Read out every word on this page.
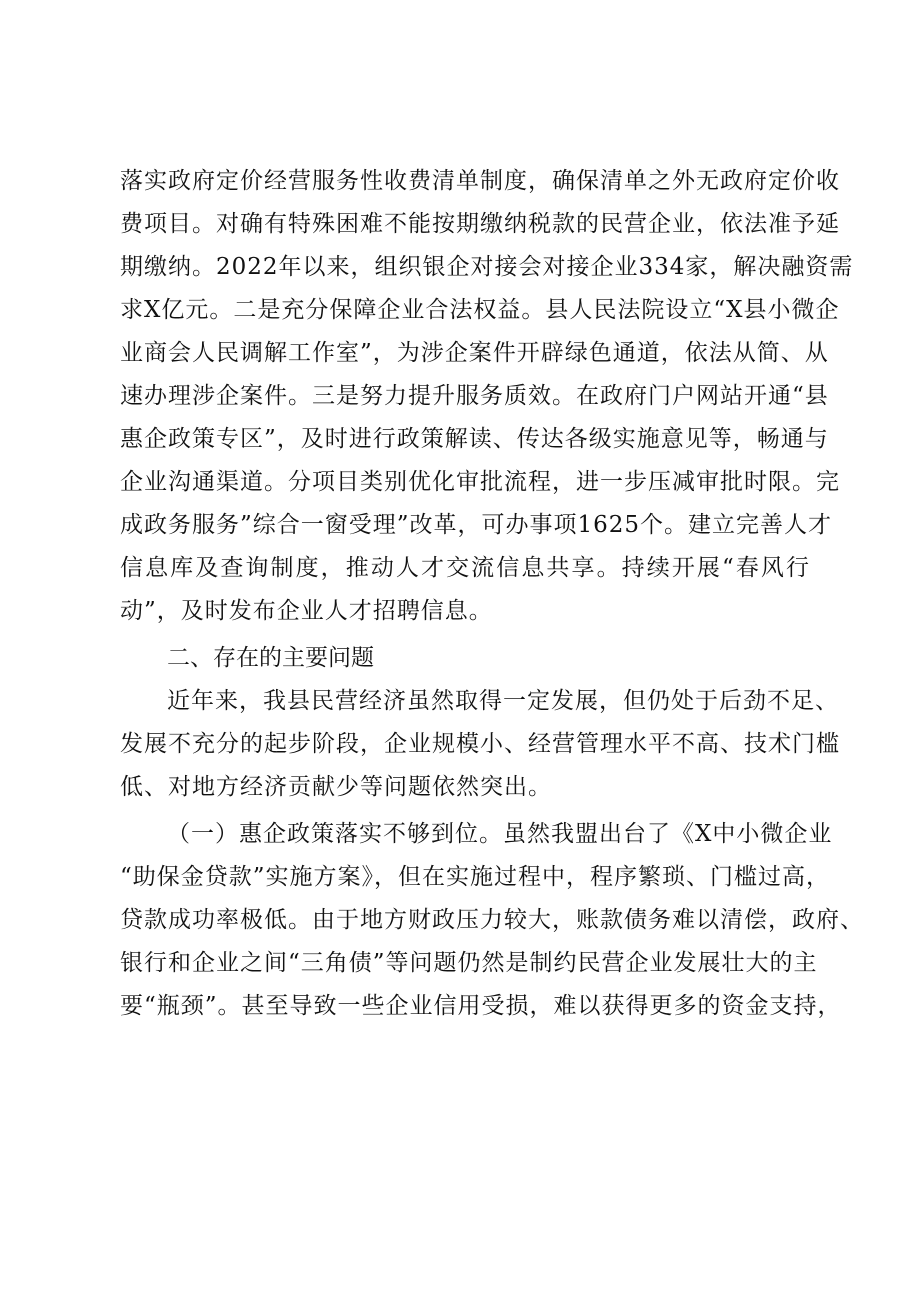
落实政府定价经营服务性收费清单制度，确保清单之外无政府定价收
费项目。对确有特殊困难不能按期缴纳税款的民营企业，依法准予延
期缴纳。2022年以来，组织银企对接会对接企业334家，解决融资需
求X亿元。二是充分保障企业合法权益。县人民法院设立“X县小微企
业商会人民调解工作室”，为涉企案件开辟绿色通道，依法从简、从
速办理涉企案件。三是努力提升服务质效。在政府门户网站开通“县
惠企政策专区”，及时进行政策解读、传达各级实施意见等，畅通与
企业沟通渠道。分项目类别优化审批流程，进一步压减审批时限。完
成政务服务”综合一窗受理”改革，可办事项1625个。建立完善人才
信息库及查询制度，推动人才交流信息共享。持续开展“春风行
动”，及时发布企业人才招聘信息。
二、存在的主要问题
近年来，我县民营经济虽然取得一定发展，但仍处于后劲不足、
发展不充分的起步阶段，企业规模小、经营管理水平不高、技术门槛
低、对地方经济贡献少等问题依然突出。
（一）惠企政策落实不够到位。虽然我盟出台了《X中小微企业
“助保金贷款”实施方案》，但在实施过程中，程序繁琐、门槛过高，
贷款成功率极低。由于地方财政压力较大，账款债务难以清偿，政府、
银行和企业之间“三角债”等问题仍然是制约民营企业发展壮大的主
要“瓶颈”。甚至导致一些企业信用受损，难以获得更多的资金支持，
